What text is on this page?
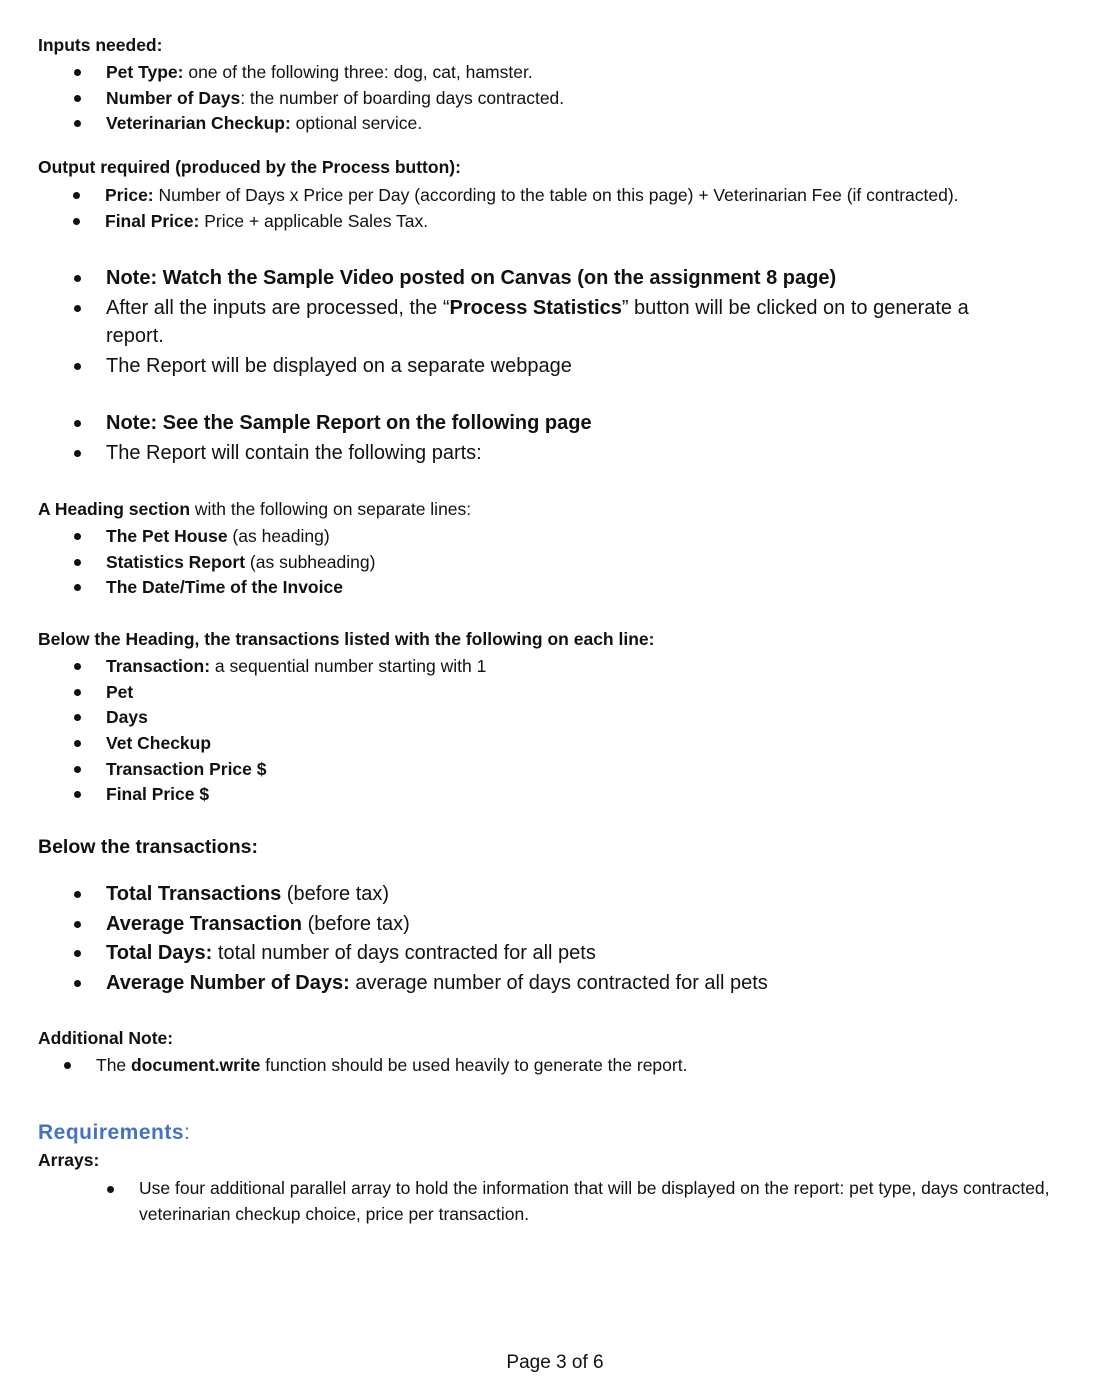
Inputs needed:
Pet Type: one of the following three: dog, cat, hamster.
Number of Days: the number of boarding days contracted.
Veterinarian Checkup: optional service.
Output required (produced by the Process button):
Price: Number of Days x Price per Day (according to the table on this page) + Veterinarian Fee (if contracted).
Final Price: Price + applicable Sales Tax.
Note: Watch the Sample Video posted on Canvas (on the assignment 8 page)
After all the inputs are processed, the “Process Statistics” button will be clicked on to generate a report.
The Report will be displayed on a separate webpage
Note: See the Sample Report on the following page
The Report will contain the following parts:
A Heading section with the following on separate lines:
The Pet House (as heading)
Statistics Report (as subheading)
The Date/Time of the Invoice
Below the Heading, the transactions listed with the following on each line:
Transaction: a sequential number starting with 1
Pet
Days
Vet Checkup
Transaction Price $
Final Price $
Below the transactions:
Total Transactions (before tax)
Average Transaction (before tax)
Total Days: total number of days contracted for all pets
Average Number of Days: average number of days contracted for all pets
Additional Note:
The document.write function should be used heavily to generate the report.
Requirements:
Arrays:
Use four additional parallel array to hold the information that will be displayed on the report: pet type, days contracted, veterinarian checkup choice, price per transaction.
Page 3 of 6
